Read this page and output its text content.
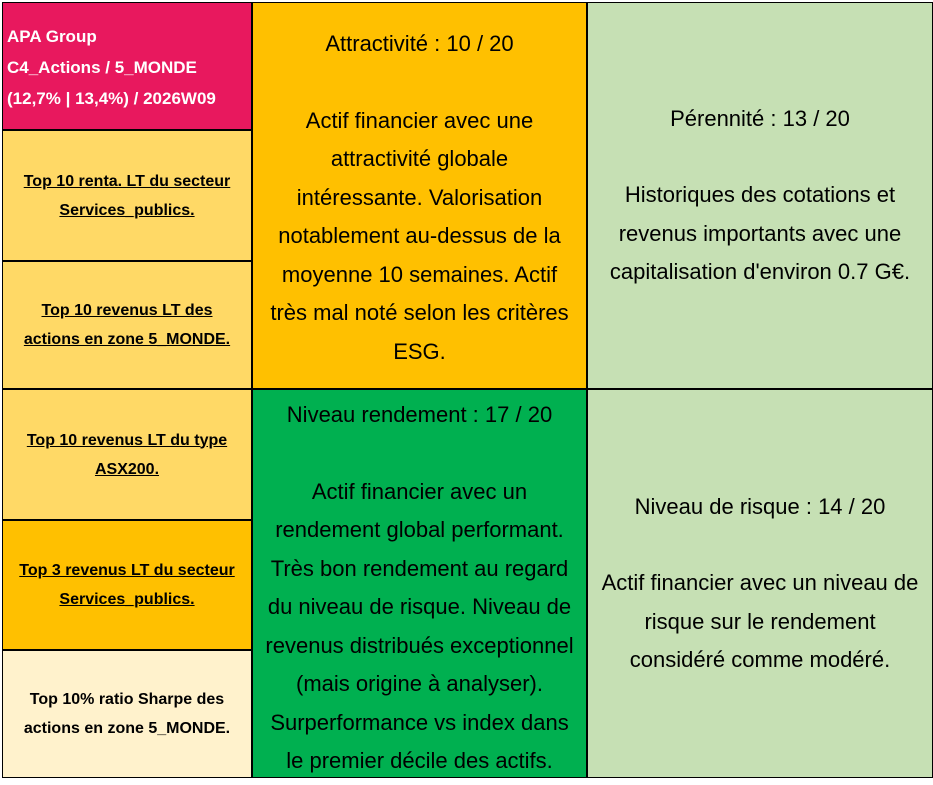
APA Group
C4_Actions / 5_MONDE
(12,7% | 13,4%) / 2026W09
Top 10 renta. LT du secteur
Services_publics.
Top 10 revenus LT des
actions en zone 5_MONDE.
Top 10 revenus LT du type
ASX200.
Top 3 revenus LT du secteur
Services_publics.
Top 10% ratio Sharpe des
actions en zone 5_MONDE.
Attractivité : 10 / 20
Actif financier avec une
attractivité globale
intéressante. Valorisation
notablement au-dessus de la
moyenne 10 semaines. Actif
très mal noté selon les critères
ESG.
Pérennité : 13 / 20
Historiques des cotations et
revenus importants avec une
capitalisation d'environ 0.7 G€.
Niveau rendement : 17 / 20
Actif financier avec un
rendement global performant.
Très bon rendement au regard
du niveau de risque. Niveau de
revenus distribués exceptionnel
(mais origine à analyser).
Surperformance vs index dans
le premier décile des actifs.
Niveau de risque : 14 / 20
Actif financier avec un niveau de
risque sur le rendement
considéré comme modéré.
